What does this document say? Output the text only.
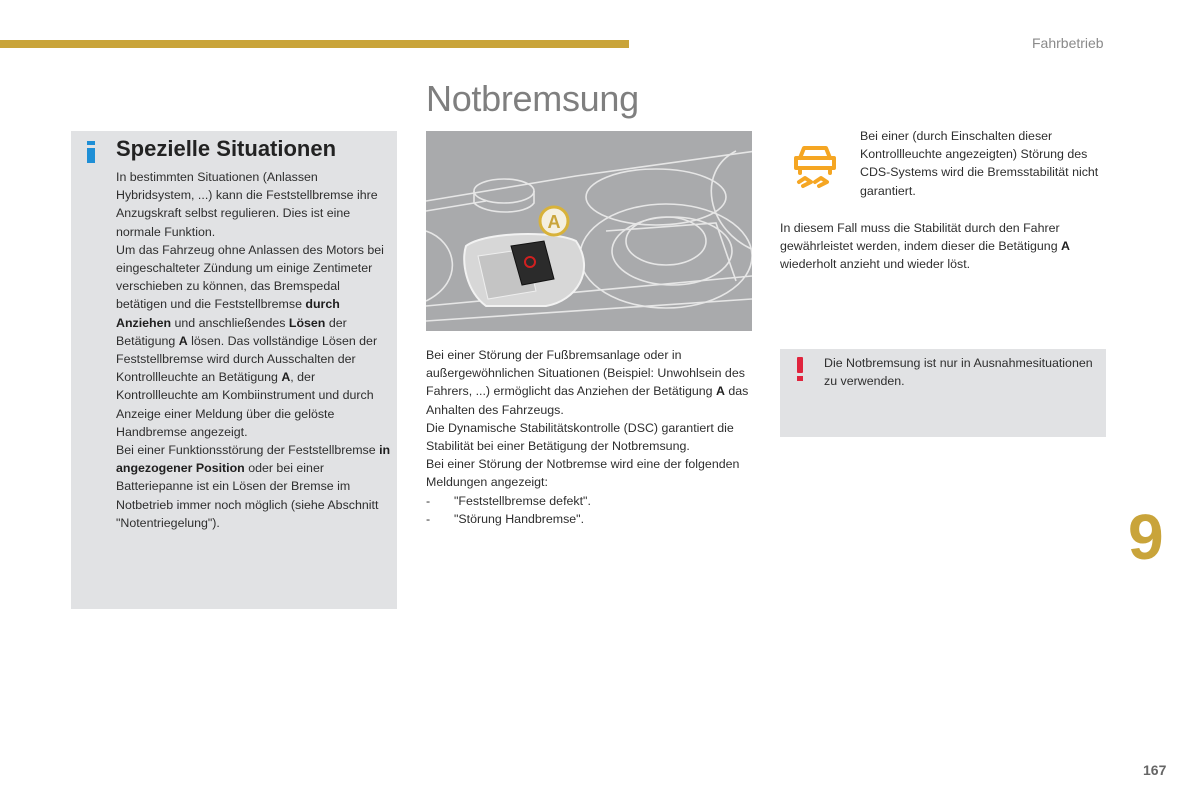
Fahrbetrieb
Notbremsung
Spezielle Situationen

In bestimmten Situationen (Anlassen Hybridsystem, ...) kann die Feststellbremse ihre Anzugskraft selbst regulieren. Dies ist eine normale Funktion.

Um das Fahrzeug ohne Anlassen des Motors bei eingeschalteter Zündung um einige Zentimeter verschieben zu können, das Bremspedal betätigen und die Feststellbremse durch Anziehen und anschließendes Lösen der Betätigung A lösen. Das vollständige Lösen der Feststellbremse wird durch Ausschalten der Kontrollleuchte an Betätigung A, der Kontrollleuchte am Kombiinstrument und durch Anzeige einer Meldung über die gelöste Handbremse angezeigt.

Bei einer Funktionsstörung der Feststellbremse in angezogener Position oder bei einer Batteriepanne ist ein Lösen der Bremse im Notbetrieb immer noch möglich (siehe Abschnitt "Notentriegelung").

A

Bei einer Störung der Fußbremsanlage oder in außergewöhnlichen Situationen (Beispiel: Unwohlsein des Fahrers, ...) ermöglicht das Anziehen der Betätigung A das Anhalten des Fahrzeugs.

Die Dynamische Stabilitätskontrolle (DSC) garantiert die Stabilität bei einer Betätigung der Notbremsung.

Bei einer Störung der Notbremse wird eine der folgenden Meldungen angezeigt:

-	"Feststellbremse defekt".
-	"Störung Handbremse".
Bei einer (durch Einschalten dieser Kontrollleuchte angezeigten) Störung des CDS-Systems wird die Bremsstabilität nicht garantiert.
In diesem Fall muss die Stabilität durch den Fahrer gewährleistet werden, indem dieser die Betätigung A wiederholt anzieht und wieder löst.
Die Notbremsung ist nur in Ausnahmesituationen zu verwenden.
9
167
